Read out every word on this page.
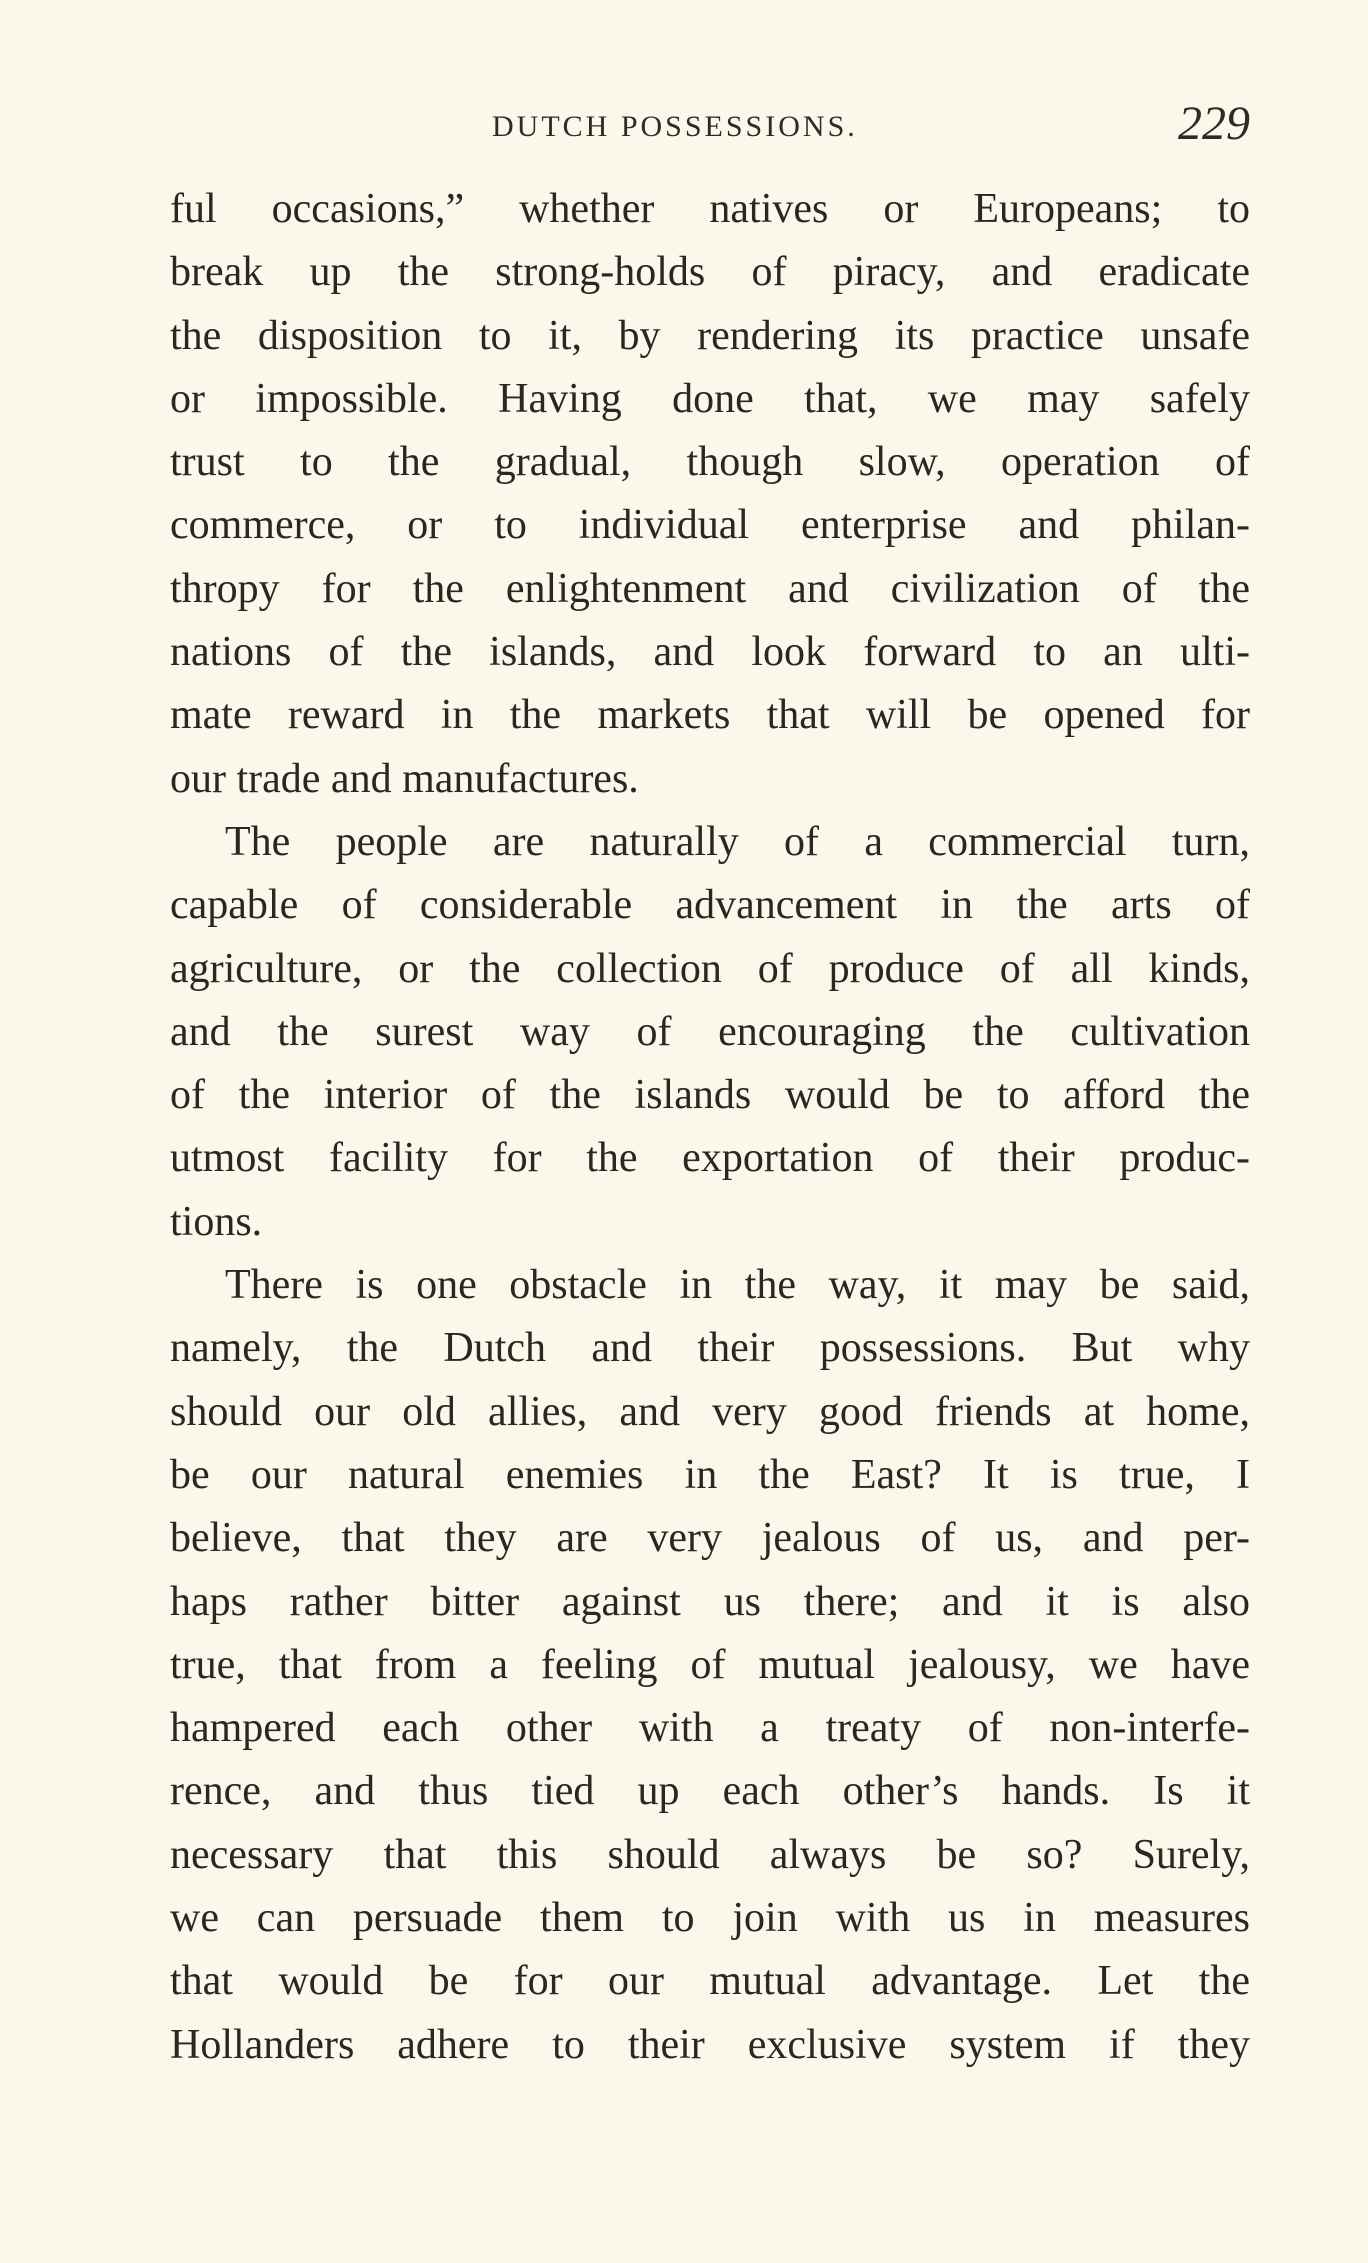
DUTCH POSSESSIONS.	229
ful occasions,” whether natives or Europeans; to
break up the strong-holds of piracy, and eradicate
the disposition to it, by rendering its practice unsafe
or impossible. Having done that, we may safely
trust to the gradual, though slow, operation of
commerce, or to individual enterprise and philan-
thropy for the enlightenment and civilization of the
nations of the islands, and look forward to an ulti-
mate reward in the markets that will be opened for
our trade and manufactures.
The people are naturally of a commercial turn,
capable of considerable advancement in the arts of
agriculture, or the collection of produce of all kinds,
and the surest way of encouraging the cultivation
of the interior of the islands would be to afford the
utmost facility for the exportation of their produc-
tions.
There is one obstacle in the way, it may be said,
namely, the Dutch and their possessions. But why
should our old allies, and very good friends at home,
be our natural enemies in the East? It is true, I
believe, that they are very jealous of us, and per-
haps rather bitter against us there; and it is also
true, that from a feeling of mutual jealousy, we have
hampered each other with a treaty of non-interfe-
rence, and thus tied up each other’s hands. Is it
necessary that this should always be so? Surely,
we can persuade them to join with us in measures
that would be for our mutual advantage. Let the
Hollanders adhere to their exclusive system if they
